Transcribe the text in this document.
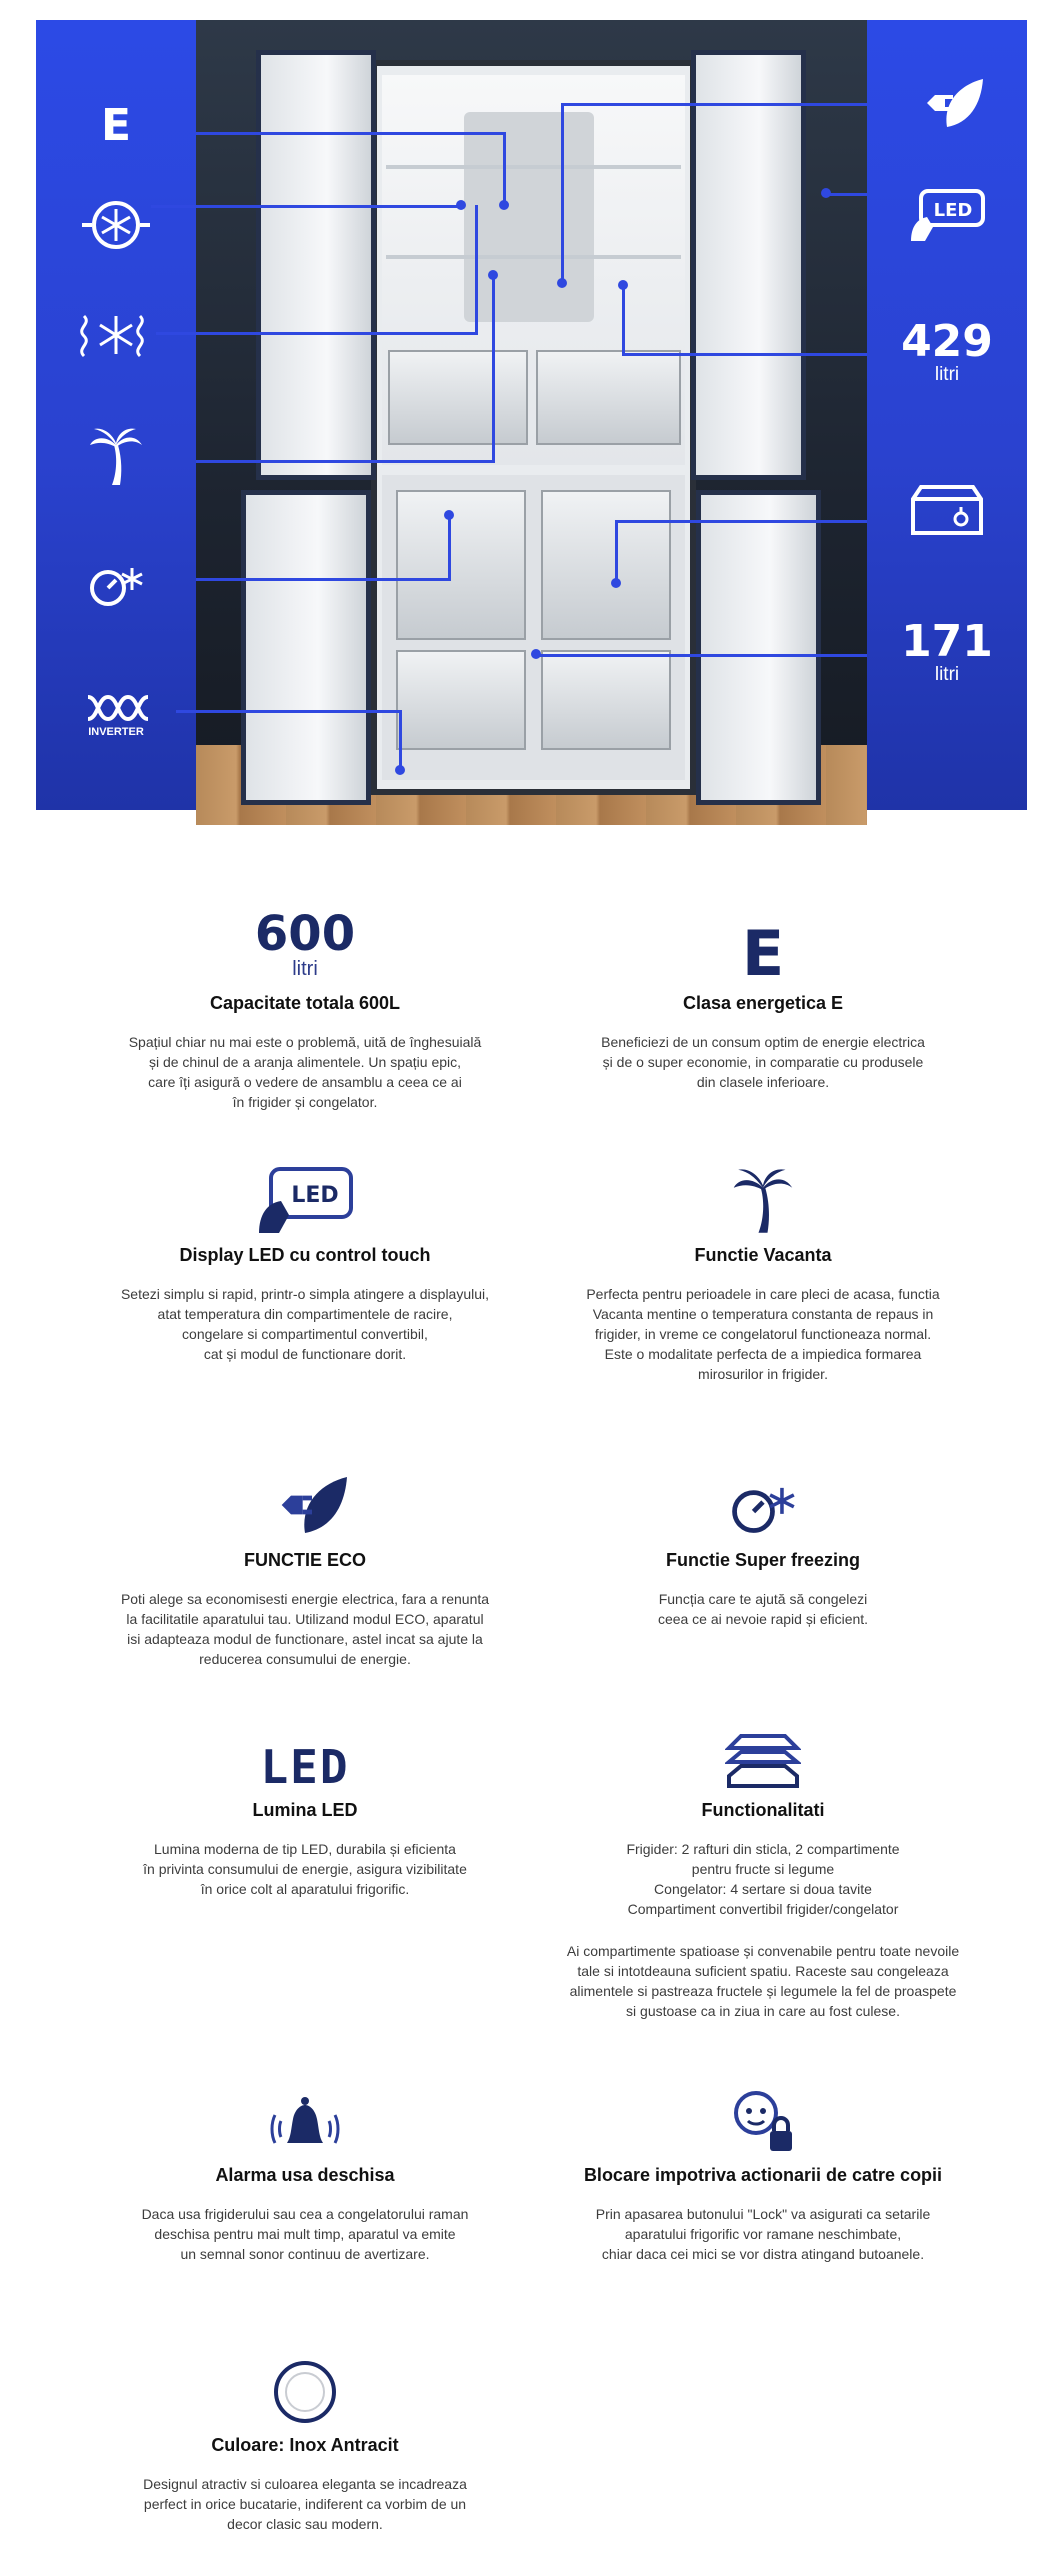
E
INVERTER
LED
429
litri
171
litri
600
litri
Capacitate totala 600L
Spațiul chiar nu mai este o problemă, uită de înghesuială
și de chinul de a aranja alimentele. Un spațiu epic,
care îți asigură o vedere de ansamblu a ceea ce ai
în frigider și congelator.
E
Clasa energetica E
Beneficiezi de un consum optim de energie electrica
și de o super economie, in comparatie cu produsele
din clasele inferioare.
LED
Display LED cu control touch
Setezi simplu si rapid, printr-o simpla atingere a displayului,
atat temperatura din compartimentele de racire,
congelare si compartimentul convertibil,
cat și modul de functionare dorit.
Functie Vacanta
Perfecta pentru perioadele in care pleci de acasa, functia
Vacanta mentine o temperatura constanta de repaus in
frigider, in vreme ce congelatorul functioneaza normal.
Este o modalitate perfecta de a impiedica formarea
mirosurilor in frigider.
FUNCTIE ECO
Poti alege sa economisesti energie electrica, fara a renunta
la facilitatile aparatului tau. Utilizand modul ECO, aparatul
isi adapteaza modul de functionare, astel incat sa ajute la
reducerea consumului de energie.
Functie Super freezing
Funcția care te ajută să congelezi
ceea ce ai nevoie rapid și eficient.
LED
Lumina LED
Lumina moderna de tip LED, durabila și eficienta
în privinta consumului de energie, asigura vizibilitate
în orice colt al aparatului frigorific.
Functionalitati
Frigider: 2 rafturi din sticla, 2 compartimente
pentru fructe si legume
Congelator: 4 sertare si doua tavite
Compartiment convertibil frigider/congelator
Ai compartimente spatioase și convenabile pentru toate nevoile
tale si intotdeauna suficient spatiu. Raceste sau congeleaza
alimentele si pastreaza fructele și legumele la fel de proaspete
si gustoase ca in ziua in care au fost culese.
Alarma usa deschisa
Daca usa frigiderului sau cea a congelatorului raman
deschisa pentru mai mult timp, aparatul va emite
un semnal sonor continuu de avertizare.
Blocare impotriva actionarii de catre copii
Prin apasarea butonului "Lock" va asigurati ca setarile
aparatului frigorific vor ramane neschimbate,
chiar daca cei mici se vor distra atingand butoanele.
Culoare: Inox Antracit
Designul atractiv si culoarea eleganta se incadreaza
perfect in orice bucatarie, indiferent ca vorbim de un
decor clasic sau modern.
